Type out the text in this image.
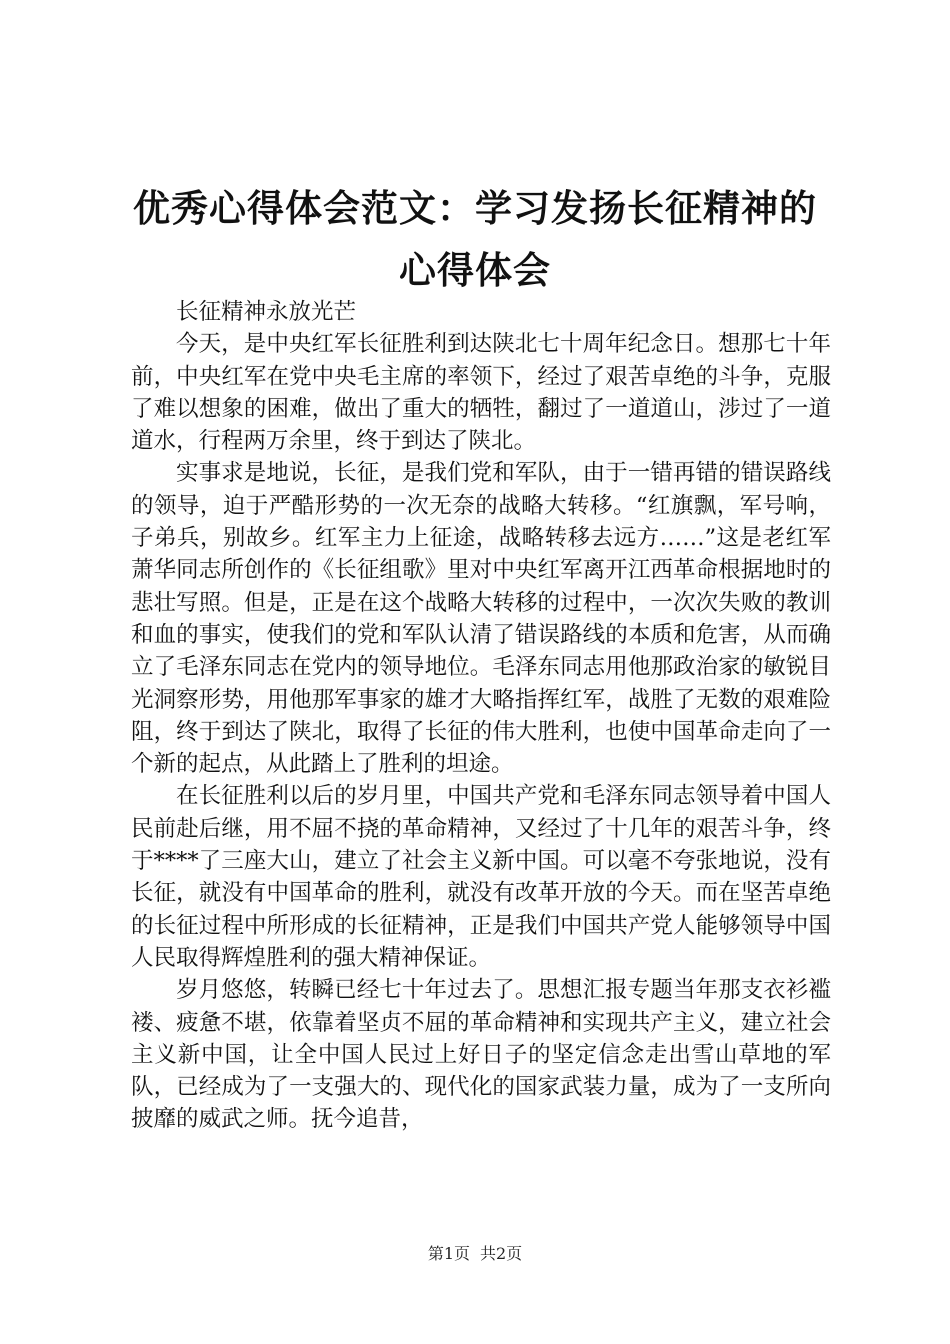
优秀心得体会范文：学习发扬长征精神的心得体会

长征精神永放光芒

今天，是中央红军长征胜利到达陕北七十周年纪念日。想那七十年前，中央红军在党中央毛主席的率领下，经过了艰苦卓绝的斗争，克服了难以想象的困难，做出了重大的牺牲，翻过了一道道山，涉过了一道道水，行程两万余里，终于到达了陕北。

实事求是地说，长征，是我们党和军队，由于一错再错的错误路线的领导，迫于严酷形势的一次无奈的战略大转移。“红旗飘，军号响，子弟兵，别故乡。红军主力上征途，战略转移去远方……”这是老红军萧华同志所创作的《长征组歌》里对中央红军离开江西革命根据地时的悲壮写照。但是，正是在这个战略大转移的过程中，一次次失败的教训和血的事实，使我们的党和军队认清了错误路线的本质和危害，从而确立了毛泽东同志在党内的领导地位。毛泽东同志用他那政治家的敏锐目光洞察形势，用他那军事家的雄才大略指挥红军，战胜了无数的艰难险阻，终于到达了陕北，取得了长征的伟大胜利，也使中国革命走向了一个新的起点，从此踏上了胜利的坦途。

在长征胜利以后的岁月里，中国共产党和毛泽东同志领导着中国人民前赴后继，用不屈不挠的革命精神，又经过了十几年的艰苦斗争，终于****了三座大山，建立了社会主义新中国。可以毫不夸张地说，没有长征，就没有中国革命的胜利，就没有改革开放的今天。而在坚苦卓绝的长征过程中所形成的长征精神，正是我们中国共产党人能够领导中国人民取得辉煌胜利的强大精神保证。

岁月悠悠，转瞬已经七十年过去了。思想汇报专题当年那支衣衫褴褛、疲惫不堪，依靠着坚贞不屈的革命精神和实现共产主义，建立社会主义新中国，让全中国人民过上好日子的坚定信念走出雪山草地的军队，已经成为了一支强大的、现代化的国家武装力量，成为了一支所向披靡的威武之师。抚今追昔，

第1页 共2页
